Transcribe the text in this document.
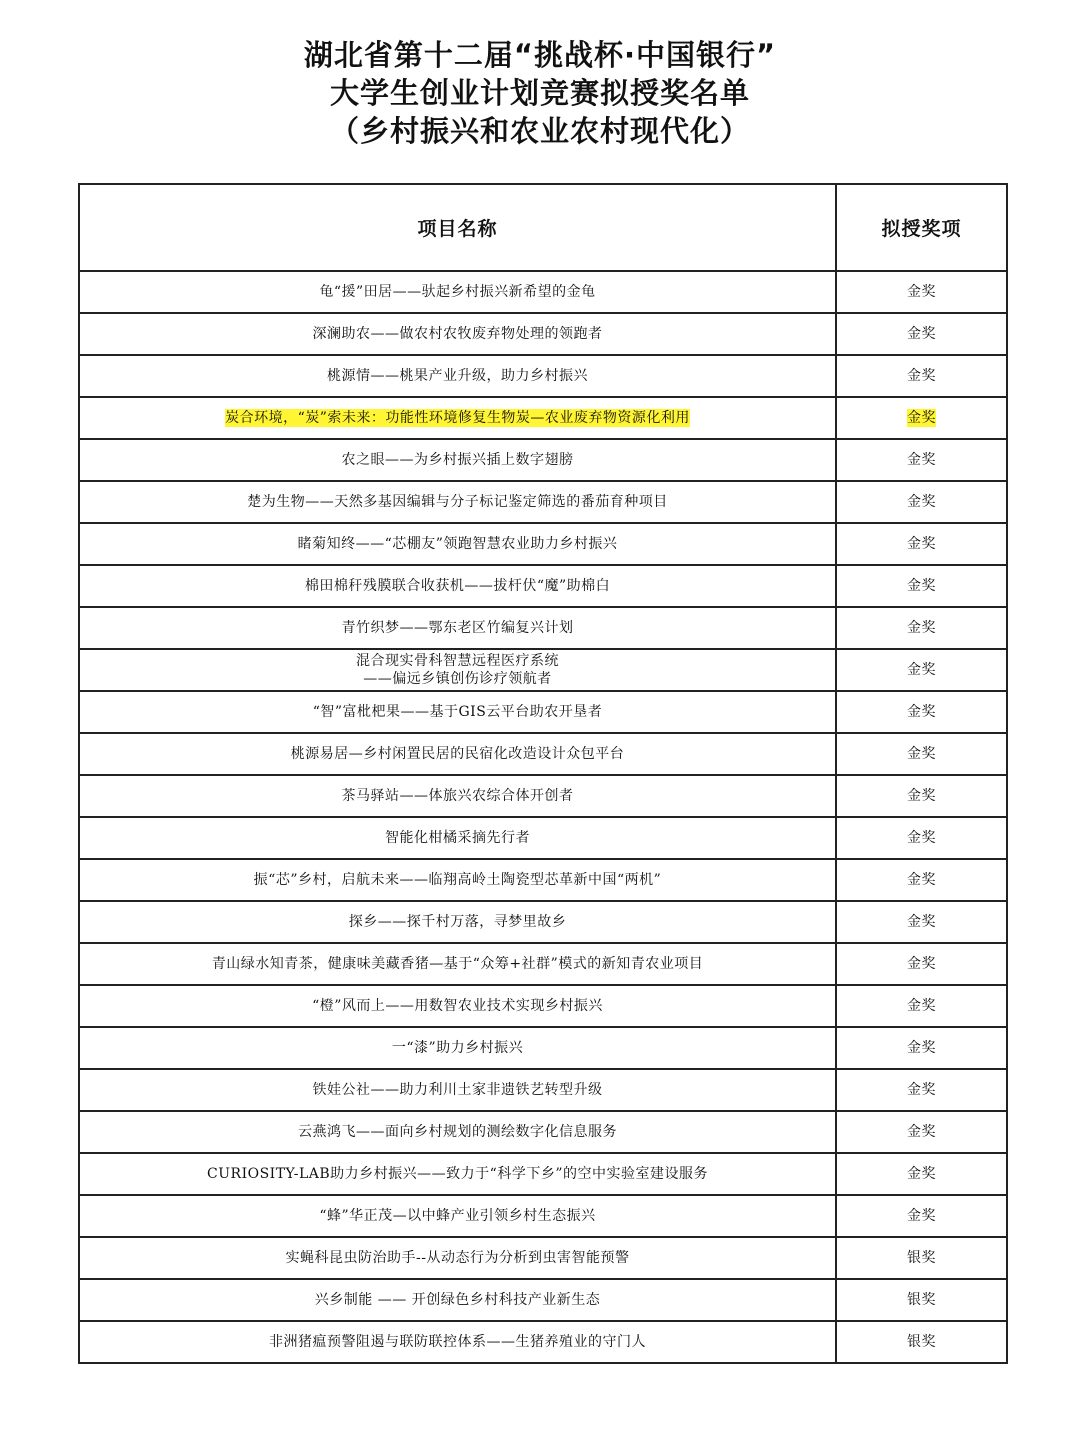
湖北省第十二届“挑战杯·中国银行”
大学生创业计划竞赛拟授奖名单
（乡村振兴和农业农村现代化）
项目名称	拟授奖项
龟“援”田居——驮起乡村振兴新希望的金龟	金奖
深澜助农——做农村农牧废弃物处理的领跑者	金奖
桃源情——桃果产业升级，助力乡村振兴	金奖
炭合环境，“炭”索未来：功能性环境修复生物炭—农业废弃物资源化利用	金奖
农之眼——为乡村振兴插上数字翅膀	金奖
楚为生物——天然多基因编辑与分子标记鉴定筛选的番茄育种项目	金奖
睹菊知终——“芯棚友”领跑智慧农业助力乡村振兴	金奖
棉田棉秆残膜联合收获机——拔杆伏“魔”助棉白	金奖
青竹织梦——鄂东老区竹编复兴计划	金奖

混合现实骨科智慧远程医疗系统
——偏远乡镇创伤诊疗领航者	金奖
“智”富枇杷果——基于GIS云平台助农开垦者	金奖
桃源易居—乡村闲置民居的民宿化改造设计众包平台	金奖
茶马驿站——体旅兴农综合体开创者	金奖
智能化柑橘采摘先行者	金奖
振“芯”乡村，启航未来——临翔高岭土陶瓷型芯革新中国“两机”	金奖
探乡——探千村万落，寻梦里故乡	金奖
青山绿水知青茶，健康味美藏香猪—基于“众筹+社群”模式的新知青农业项目	金奖
“橙”风而上——用数智农业技术实现乡村振兴	金奖
一“漆”助力乡村振兴	金奖
铁娃公社——助力利川土家非遗铁艺转型升级	金奖
云燕鸿飞——面向乡村规划的测绘数字化信息服务	金奖
CURIOSITY-LAB助力乡村振兴——致力于“科学下乡”的空中实验室建设服务	金奖
“蜂”华正茂—以中蜂产业引领乡村生态振兴	金奖
实蝇科昆虫防治助手--从动态行为分析到虫害智能预警	银奖
兴乡制能 —— 开创绿色乡村科技产业新生态	银奖
非洲猪瘟预警阻遏与联防联控体系——生猪养殖业的守门人	银奖
